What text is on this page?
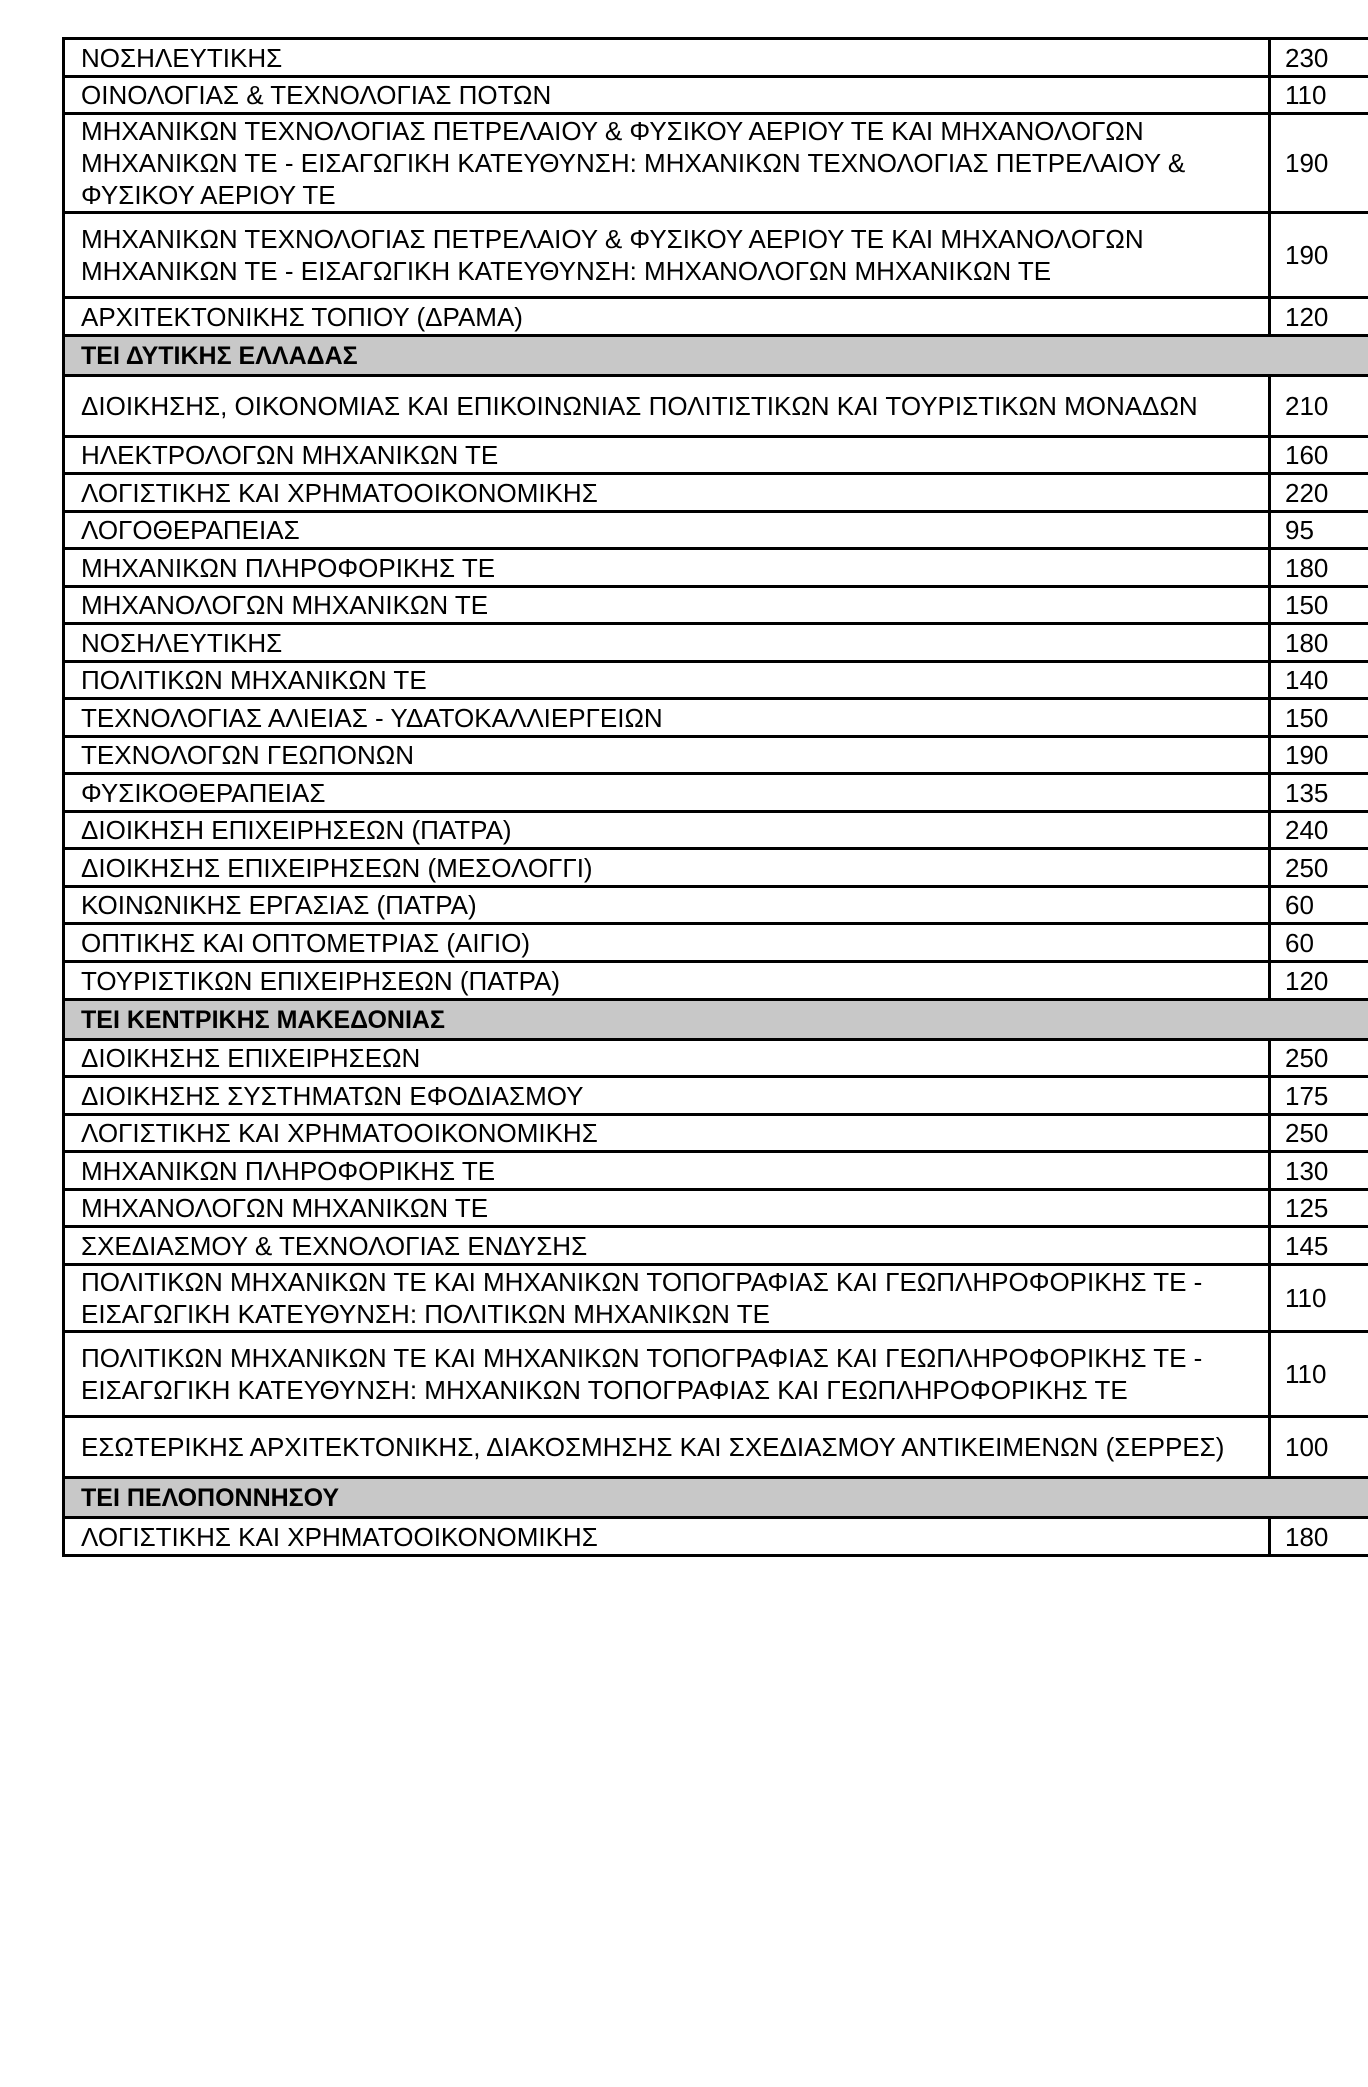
ΝΟΣΗΛΕΥΤΙΚΗΣ	230
ΟΙΝΟΛΟΓΙΑΣ & ΤΕΧΝΟΛΟΓΙΑΣ ΠΟΤΩΝ	110
ΜΗΧΑΝΙΚΩΝ ΤΕΧΝΟΛΟΓΙΑΣ ΠΕΤΡΕΛΑΙΟΥ & ΦΥΣΙΚΟΥ ΑΕΡΙΟΥ ΤΕ ΚΑΙ ΜΗΧΑΝΟΛΟΓΩΝ ΜΗΧΑΝΙΚΩΝ ΤΕ - ΕΙΣΑΓΩΓΙΚΗ ΚΑΤΕΥΘΥΝΣΗ: ΜΗΧΑΝΙΚΩΝ ΤΕΧΝΟΛΟΓΙΑΣ ΠΕΤΡΕΛΑΙΟΥ & ΦΥΣΙΚΟΥ ΑΕΡΙΟΥ ΤΕ	190
ΜΗΧΑΝΙΚΩΝ ΤΕΧΝΟΛΟΓΙΑΣ ΠΕΤΡΕΛΑΙΟΥ & ΦΥΣΙΚΟΥ ΑΕΡΙΟΥ ΤΕ ΚΑΙ ΜΗΧΑΝΟΛΟΓΩΝ ΜΗΧΑΝΙΚΩΝ ΤΕ - ΕΙΣΑΓΩΓΙΚΗ ΚΑΤΕΥΘΥΝΣΗ: ΜΗΧΑΝΟΛΟΓΩΝ ΜΗΧΑΝΙΚΩΝ ΤΕ	190
ΑΡΧΙΤΕΚΤΟΝΙΚΗΣ ΤΟΠΙΟΥ (ΔΡΑΜΑ)	120
ΤΕΙ ΔΥΤΙΚΗΣ ΕΛΛΑΔΑΣ	
ΔΙΟΙΚΗΣΗΣ, ΟΙΚΟΝΟΜΙΑΣ ΚΑΙ ΕΠΙΚΟΙΝΩΝΙΑΣ ΠΟΛΙΤΙΣΤΙΚΩΝ ΚΑΙ ΤΟΥΡΙΣΤΙΚΩΝ ΜΟΝΑΔΩΝ	210
ΗΛΕΚΤΡΟΛΟΓΩΝ ΜΗΧΑΝΙΚΩΝ ΤΕ	160
ΛΟΓΙΣΤΙΚΗΣ ΚΑΙ ΧΡΗΜΑΤΟΟΙΚΟΝΟΜΙΚΗΣ	220
ΛΟΓΟΘΕΡΑΠΕΙΑΣ	95
ΜΗΧΑΝΙΚΩΝ ΠΛΗΡΟΦΟΡΙΚΗΣ ΤΕ	180
ΜΗΧΑΝΟΛΟΓΩΝ ΜΗΧΑΝΙΚΩΝ ΤΕ	150
ΝΟΣΗΛΕΥΤΙΚΗΣ	180
ΠΟΛΙΤΙΚΩΝ ΜΗΧΑΝΙΚΩΝ ΤΕ	140
ΤΕΧΝΟΛΟΓΙΑΣ ΑΛΙΕΙΑΣ - ΥΔΑΤΟΚΑΛΛΙΕΡΓΕΙΩΝ	150
ΤΕΧΝΟΛΟΓΩΝ ΓΕΩΠΟΝΩΝ	190
ΦΥΣΙΚΟΘΕΡΑΠΕΙΑΣ	135
ΔΙΟΙΚΗΣΗ ΕΠΙΧΕΙΡΗΣΕΩΝ (ΠΑΤΡΑ)	240
ΔΙΟΙΚΗΣΗΣ ΕΠΙΧΕΙΡΗΣΕΩΝ (ΜΕΣΟΛΟΓΓΙ)	250
ΚΟΙΝΩΝΙΚΗΣ ΕΡΓΑΣΙΑΣ (ΠΑΤΡΑ)	60
ΟΠΤΙΚΗΣ ΚΑΙ ΟΠΤΟΜΕΤΡΙΑΣ (ΑΙΓΙΟ)	60
ΤΟΥΡΙΣΤΙΚΩΝ ΕΠΙΧΕΙΡΗΣΕΩΝ (ΠΑΤΡΑ)	120
ΤΕΙ ΚΕΝΤΡΙΚΗΣ ΜΑΚΕΔΟΝΙΑΣ	
ΔΙΟΙΚΗΣΗΣ ΕΠΙΧΕΙΡΗΣΕΩΝ	250
ΔΙΟΙΚΗΣΗΣ ΣΥΣΤΗΜΑΤΩΝ ΕΦΟΔΙΑΣΜΟΥ	175
ΛΟΓΙΣΤΙΚΗΣ ΚΑΙ ΧΡΗΜΑΤΟΟΙΚΟΝΟΜΙΚΗΣ	250
ΜΗΧΑΝΙΚΩΝ ΠΛΗΡΟΦΟΡΙΚΗΣ ΤΕ	130
ΜΗΧΑΝΟΛΟΓΩΝ ΜΗΧΑΝΙΚΩΝ ΤΕ	125
ΣΧΕΔΙΑΣΜΟΥ & ΤΕΧΝΟΛΟΓΙΑΣ ΕΝΔΥΣΗΣ	145
ΠΟΛΙΤΙΚΩΝ ΜΗΧΑΝΙΚΩΝ ΤΕ ΚΑΙ ΜΗΧΑΝΙΚΩΝ ΤΟΠΟΓΡΑΦΙΑΣ ΚΑΙ ΓΕΩΠΛΗΡΟΦΟΡΙΚΗΣ ΤΕ - ΕΙΣΑΓΩΓΙΚΗ ΚΑΤΕΥΘΥΝΣΗ: ΠΟΛΙΤΙΚΩΝ ΜΗΧΑΝΙΚΩΝ ΤΕ	110
ΠΟΛΙΤΙΚΩΝ ΜΗΧΑΝΙΚΩΝ ΤΕ ΚΑΙ ΜΗΧΑΝΙΚΩΝ ΤΟΠΟΓΡΑΦΙΑΣ ΚΑΙ ΓΕΩΠΛΗΡΟΦΟΡΙΚΗΣ ΤΕ - ΕΙΣΑΓΩΓΙΚΗ ΚΑΤΕΥΘΥΝΣΗ: ΜΗΧΑΝΙΚΩΝ ΤΟΠΟΓΡΑΦΙΑΣ ΚΑΙ ΓΕΩΠΛΗΡΟΦΟΡΙΚΗΣ ΤΕ	110
ΕΣΩΤΕΡΙΚΗΣ ΑΡΧΙΤΕΚΤΟΝΙΚΗΣ, ΔΙΑΚΟΣΜΗΣΗΣ ΚΑΙ ΣΧΕΔΙΑΣΜΟΥ ΑΝΤΙΚΕΙΜΕΝΩΝ (ΣΕΡΡΕΣ)	100
ΤΕΙ ΠΕΛΟΠΟΝΝΗΣΟΥ	
ΛΟΓΙΣΤΙΚΗΣ ΚΑΙ ΧΡΗΜΑΤΟΟΙΚΟΝΟΜΙΚΗΣ	180
